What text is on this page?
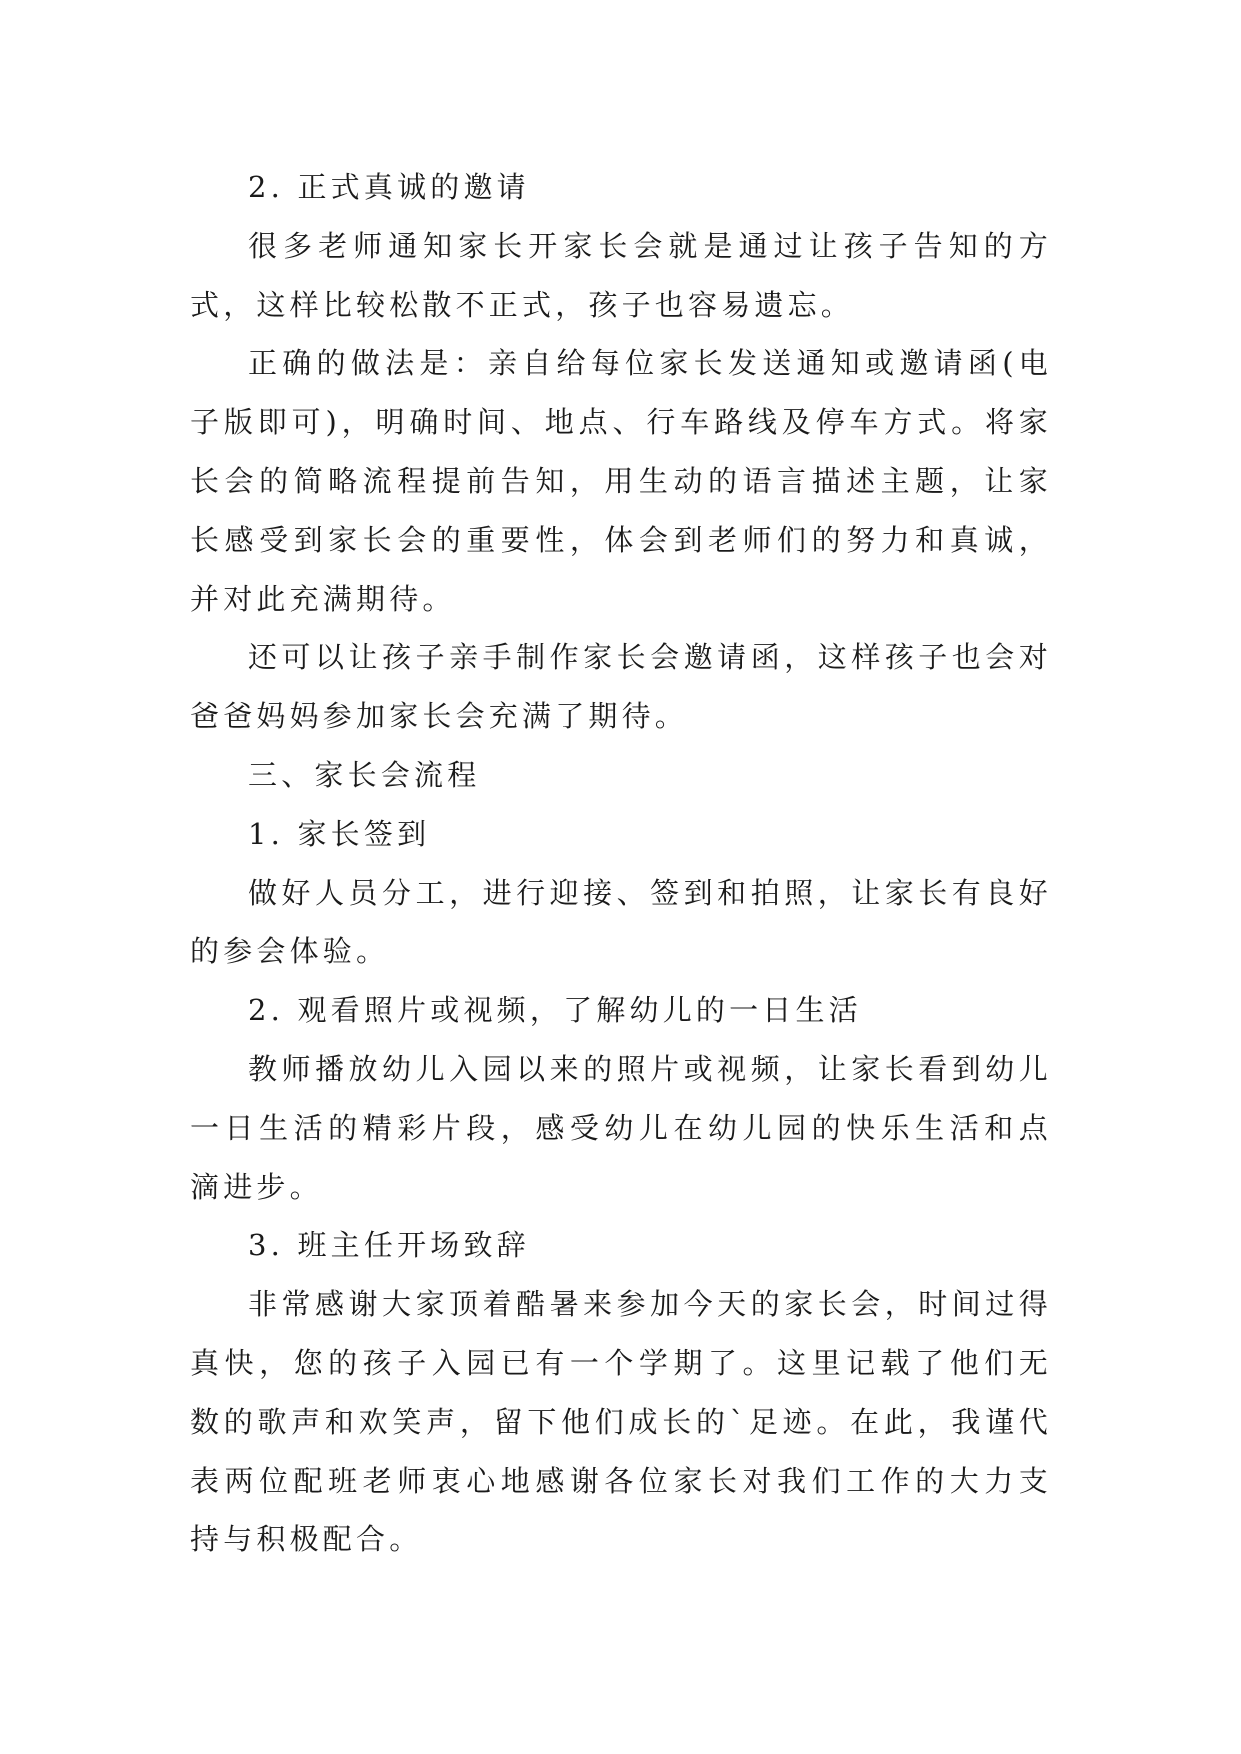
2. 正式真诚的邀请

很多老师通知家长开家长会就是通过让孩子告知的方式，这样比较松散不正式，孩子也容易遗忘。

正确的做法是：亲自给每位家长发送通知或邀请函(电子版即可)，明确时间、地点、行车路线及停车方式。将家长会的简略流程提前告知，用生动的语言描述主题，让家长感受到家长会的重要性，体会到老师们的努力和真诚，并对此充满期待。

还可以让孩子亲手制作家长会邀请函，这样孩子也会对爸爸妈妈参加家长会充满了期待。

三、家长会流程

1. 家长签到

做好人员分工，进行迎接、签到和拍照，让家长有良好的参会体验。

2. 观看照片或视频，了解幼儿的一日生活

教师播放幼儿入园以来的照片或视频，让家长看到幼儿一日生活的精彩片段，感受幼儿在幼儿园的快乐生活和点滴进步。

3. 班主任开场致辞

非常感谢大家顶着酷暑来参加今天的家长会，时间过得真快，您的孩子入园已有一个学期了。这里记载了他们无数的歌声和欢笑声，留下他们成长的`足迹。在此，我谨代表两位配班老师衷心地感谢各位家长对我们工作的大力支持与积极配合。
